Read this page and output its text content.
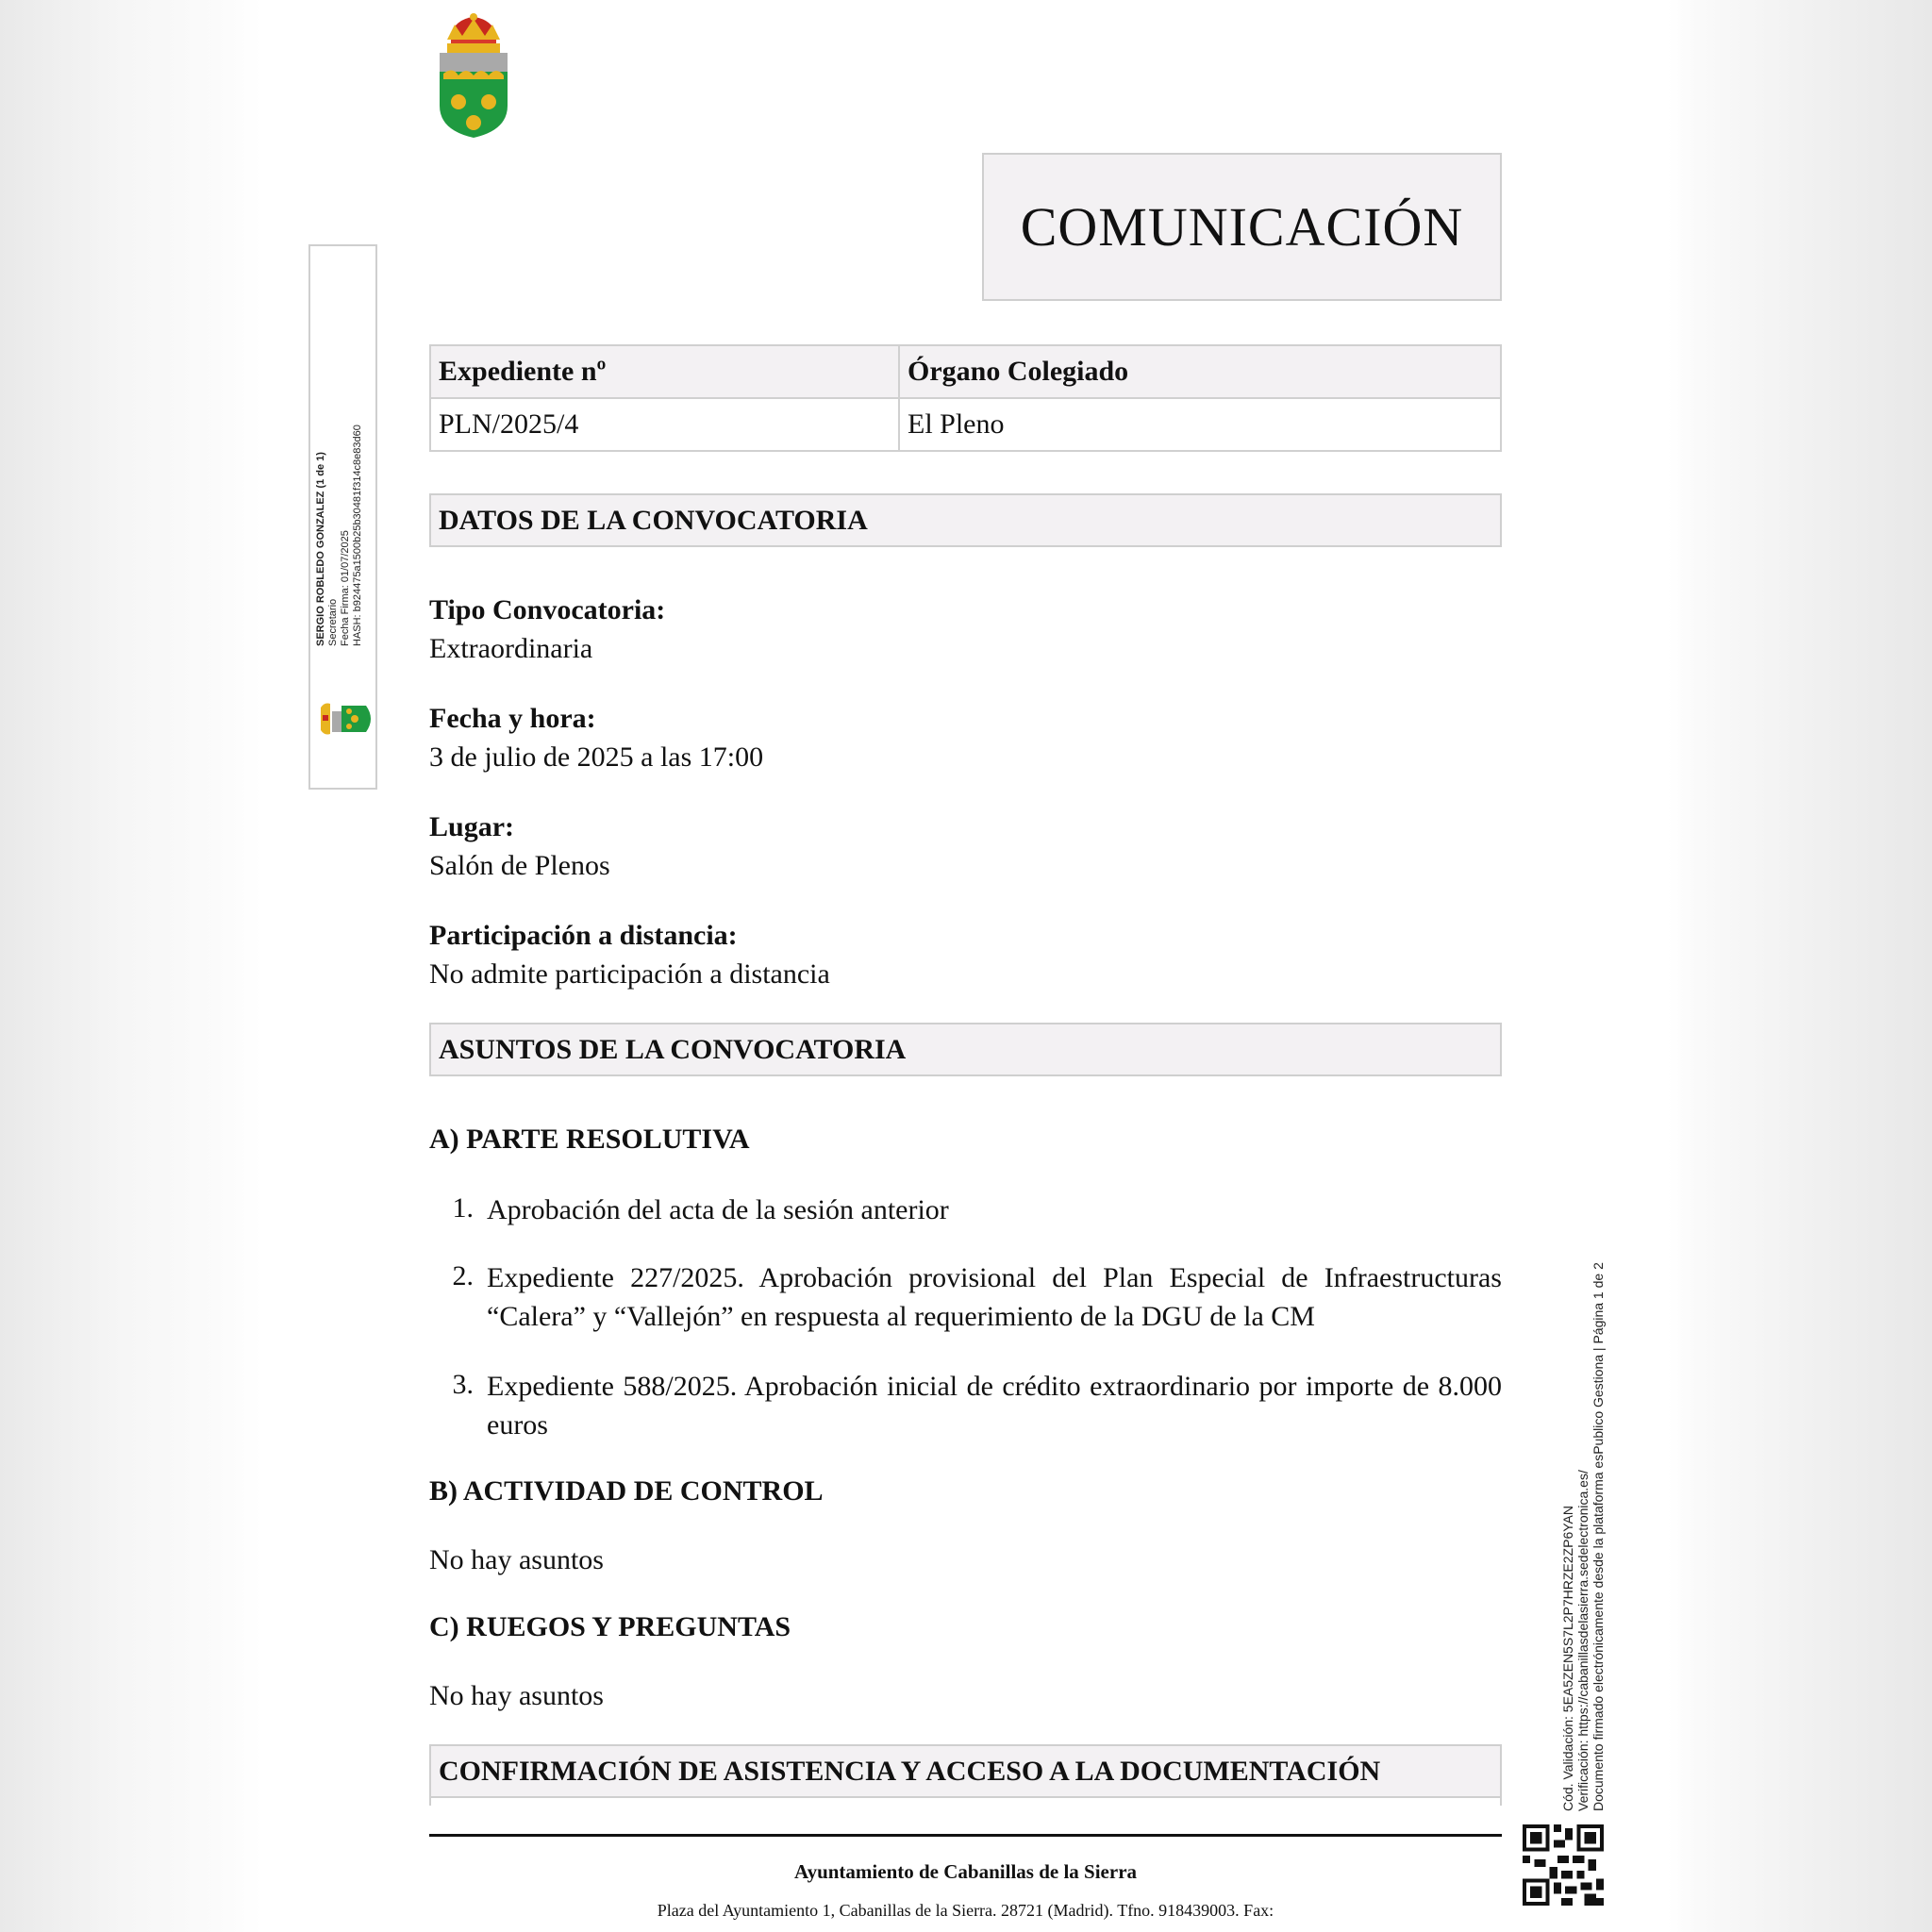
COMUNICACIÓN
Expediente nº	Órgano Colegiado
PLN/2025/4	El Pleno
DATOS DE LA CONVOCATORIA
Tipo Convocatoria:
Extraordinaria
Fecha y hora:
3 de julio de 2025 a las 17:00
Lugar:
Salón de Plenos
Participación a distancia:
No admite participación a distancia
ASUNTOS DE LA CONVOCATORIA
A) PARTE RESOLUTIVA
1. Aprobación del acta de la sesión anterior
2. Expediente 227/2025. Aprobación provisional del Plan Especial de Infraestructuras “Calera” y “Vallejón” en respuesta al requerimiento de la DGU de la CM
3. Expediente 588/2025. Aprobación inicial de crédito extraordinario por importe de 8.000 euros
B) ACTIVIDAD DE CONTROL
No hay asuntos
C) RUEGOS Y PREGUNTAS
No hay asuntos
CONFIRMACIÓN DE ASISTENCIA Y ACCESO A LA DOCUMENTACIÓN
SERGIO ROBLEDO GONZALEZ (1 de 1) Secretario Fecha Firma: 01/07/2025 HASH: b924475a1500b25b30481f314c8e83d60
Cód. Validación: 5EA5ZEN5S7L2P7HRZE2ZP6YAN Verificación: https://cabanillasdelasierra.sedelectronica.es/ Documento firmado electrónicamente desde la plataforma esPublico Gestiona | Página 1 de 2
Ayuntamiento de Cabanillas de la Sierra
Plaza del Ayuntamiento 1, Cabanillas de la Sierra. 28721 (Madrid). Tfno. 918439003. Fax:
